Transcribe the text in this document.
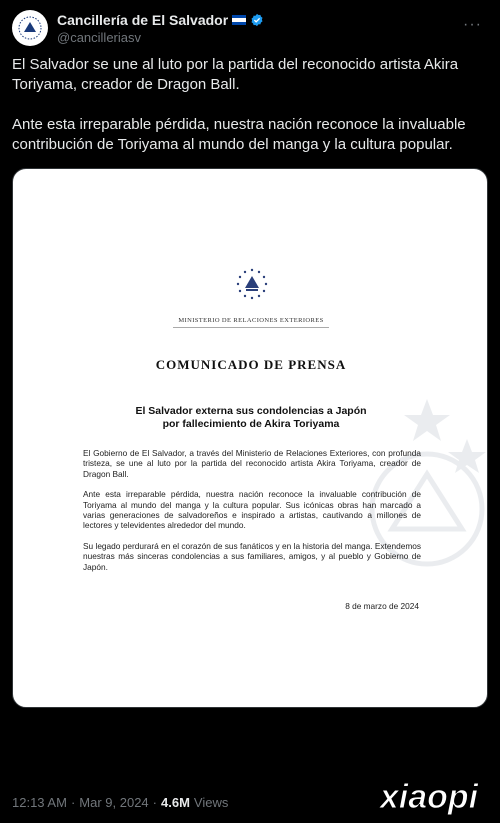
Cancillería de El Salvador
@cancilleriasv
···

El Salvador se une al luto por la partida del reconocido artista Akira Toriyama, creador de Dragon Ball.

Ante esta irreparable pérdida, nuestra nación reconoce la invaluable contribución de Toriyama al mundo del manga y la cultura popular.

MINISTERIO DE RELACIONES EXTERIORES
COMUNICADO DE PRENSA
El Salvador externa sus condolencias a Japón
por fallecimiento de Akira Toriyama

El Gobierno de El Salvador, a través del Ministerio de Relaciones Exteriores, con profunda tristeza, se une al luto por la partida del reconocido artista Akira Toriyama, creador de Dragon Ball.

Ante esta irreparable pérdida, nuestra nación reconoce la invaluable contribución de Toriyama al mundo del manga y la cultura popular. Sus icónicas obras han marcado a varias generaciones de salvadoreños e inspirado a artistas, cautivando a millones de lectores y televidentes alrededor del mundo.

Su legado perdurará en el corazón de sus fanáticos y en la historia del manga. Extendemos nuestras más sinceras condolencias a sus familiares, amigos, y al pueblo y Gobierno de Japón.

8 de marzo de 2024
12:13 AM · Mar 9, 2024 · 4.6M Views	xiaopi
